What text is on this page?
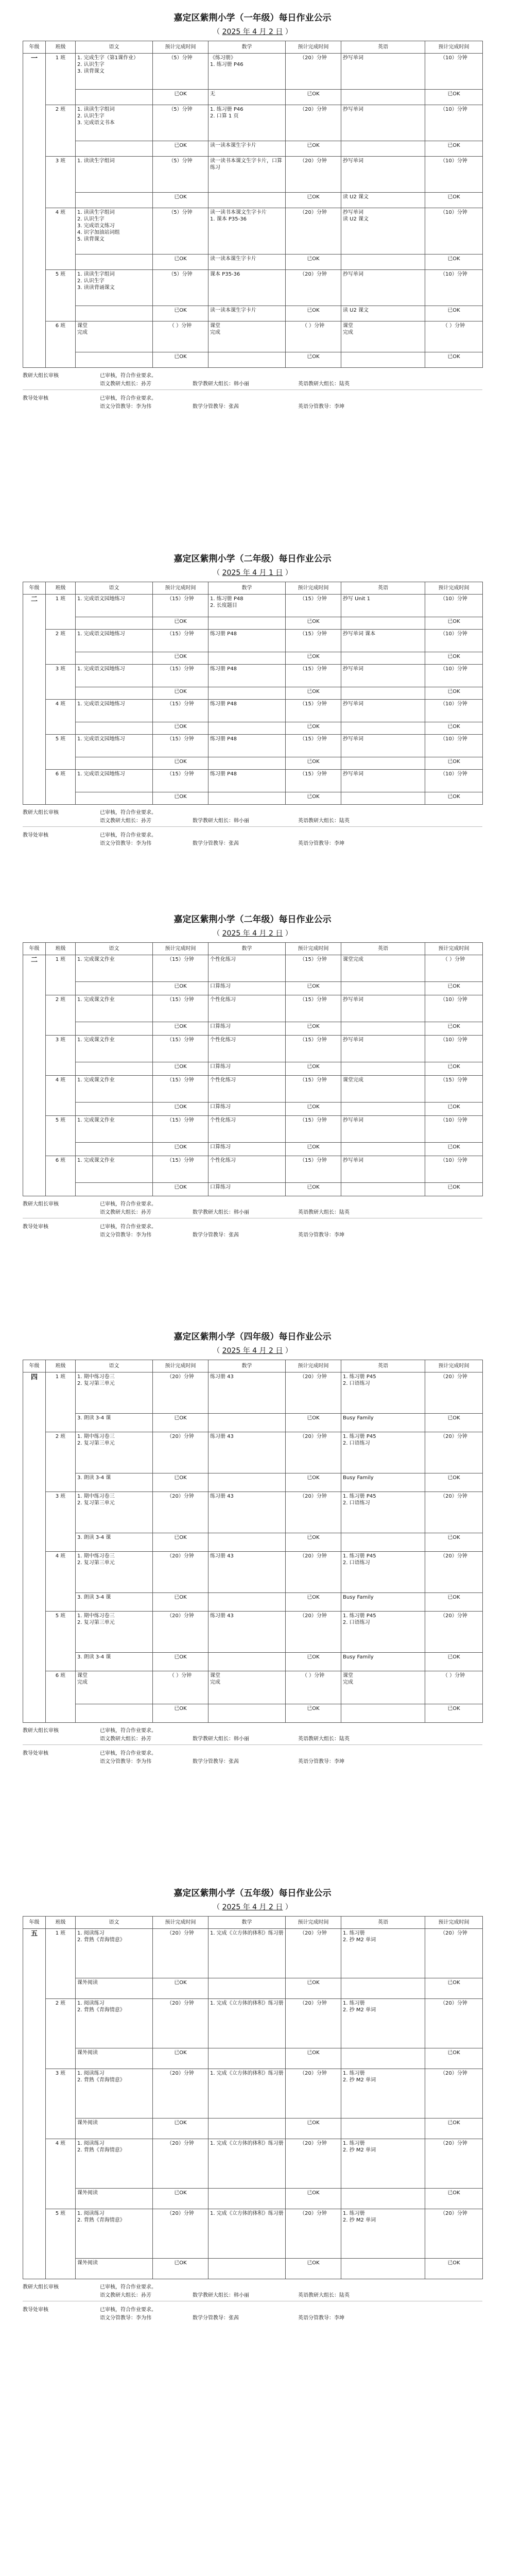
嘉定区紫荆小学（一年级）每日作业公示
（ 2025 年 4 月 2 日 ）
年级	班级	语文	预计完成时间	数学	预计完成时间	英语	预计完成时间
一	1 班	1. 完成生字（第1课作业）
2. 认识生字
3. 读背课文	（5）分钟	《练习册》
1. 练习册 P46	（20）分钟	抄写单词	（10）分钟
			已OK	无	已OK		已OK
	2 班	1. 读读生字组词
2. 认识生字
3. 完成语文书本	（5）分钟	1. 练习册 P46
2. 口算 1 页	（20）分钟	抄写单词	（10）分钟
			已OK	读一读本课生字卡片	已OK		已OK
	3 班	1. 读读生字组词	（5）分钟	读一读书本课文生字卡片，口算练习	（20）分钟	抄写单词	（10）分钟
			已OK		已OK	读 U2 课文	已OK
	4 班	1. 读读生字组词
2. 认识生字
3. 完成语文练习
4. 识字加油站词组
5. 读背课文	（5）分钟	读一读书本课文生字卡片
1. 课本 P35-36	（20）分钟	抄写单词
读 U2 课文	（10）分钟
			已OK	读一读本课生字卡片	已OK		已OK
	5 班	1. 读读生字组词
2. 认识生字
3. 读读背诵课文	（5）分钟	课本 P35-36	（20）分钟	抄写单词	（10）分钟
			已OK	读一读本课生字卡片	已OK	读 U2 课文	已OK
	6 班	课堂
完成	（ ）分钟	课堂
完成	（ ）分钟	课堂
完成	（ ）分钟
			已OK		已OK		已OK
教研大组长审核	已审核，符合作业要求。
语文教研大组长：孙芳	数学教研大组长：韩小丽	英语教研大组长：陆英
教导处审核	已审核，符合作业要求。
语文分管教导：李为伟	数学分管教导：张茜	英语分管教导：李坤
嘉定区紫荆小学（二年级）每日作业公示
（ 2025 年 4 月 1 日 ）
年级	班级	语文	预计完成时间	数学	预计完成时间	英语	预计完成时间
二	1 班	1. 完成语文园地练习	（15）分钟	1. 练习册 P48
2. 长度题目	（15）分钟	抄写 Unit 1	（10）分钟
			已OK		已OK		已OK
	2 班	1. 完成语文园地练习	（15）分钟	练习册 P48	（15）分钟	抄写单词 课本	（10）分钟
			已OK		已OK		已OK
	3 班	1. 完成语文园地练习	（15）分钟	练习册 P48	（15）分钟	抄写单词	（10）分钟
			已OK		已OK		已OK
	4 班	1. 完成语文园地练习	（15）分钟	练习册 P48	（15）分钟	抄写单词	（10）分钟
			已OK		已OK		已OK
	5 班	1. 完成语文园地练习	（15）分钟	练习册 P48	（15）分钟	抄写单词	（10）分钟
			已OK		已OK		已OK
	6 班	1. 完成语文园地练习	（15）分钟	练习册 P48	（15）分钟	抄写单词	（10）分钟
			已OK		已OK		已OK
教研大组长审核	已审核，符合作业要求。
语文教研大组长：孙芳	数学教研大组长：韩小丽	英语教研大组长：陆英
教导处审核	已审核，符合作业要求。
语文分管教导：李为伟	数学分管教导：张茜	英语分管教导：李坤
嘉定区紫荆小学（二年级）每日作业公示
（ 2025 年 4 月 2 日 ）
年级	班级	语文	预计完成时间	数学	预计完成时间	英语	预计完成时间
二	1 班	1. 完成课文作业	（15）分钟	个性化练习	（15）分钟	课堂完成	（ ）分钟
			已OK	口算练习	已OK		已OK
	2 班	1. 完成课文作业	（15）分钟	个性化练习	（15）分钟	抄写单词	（10）分钟
			已OK	口算练习	已OK		已OK
	3 班	1. 完成课文作业	（15）分钟	个性化练习	（15）分钟	抄写单词	（10）分钟
			已OK	口算练习	已OK		已OK
	4 班	1. 完成课文作业	（15）分钟	个性化练习	（15）分钟	课堂完成	（15）分钟
			已OK	口算练习	已OK		已OK
	5 班	1. 完成课文作业	（15）分钟	个性化练习	（15）分钟	抄写单词	（10）分钟
			已OK	口算练习	已OK		已OK
	6 班	1. 完成课文作业	（15）分钟	个性化练习	（15）分钟	抄写单词	（10）分钟
			已OK	口算练习	已OK		已OK
教研大组长审核	已审核，符合作业要求。
语文教研大组长：孙芳	数学教研大组长：韩小丽	英语教研大组长：陆英
教导处审核	已审核，符合作业要求。
语文分管教导：李为伟	数学分管教导：张茜	英语分管教导：李坤
嘉定区紫荆小学（四年级）每日作业公示
（ 2025 年 4 月 2 日 ）
年级	班级	语文	预计完成时间	数学	预计完成时间	英语	预计完成时间
四	1 班	1. 期中练习卷三
2. 复习第三单元	（20）分钟	练习册 43	（20）分钟	1. 练习册 P45
2. 口语练习	（20）分钟
		3. 朗读 3-4 课	已OK		已OK	Busy Family	已OK
	2 班	1. 期中练习卷三
2. 复习第三单元	（20）分钟	练习册 43	（20）分钟	1. 练习册 P45
2. 口语练习	（20）分钟
		3. 朗读 3-4 课	已OK		已OK	Busy Family	已OK
	3 班	1. 期中练习卷三
2. 复习第三单元	（20）分钟	练习册 43	（20）分钟	1. 练习册 P45
2. 口语练习	（20）分钟
		3. 朗读 3-4 课	已OK		已OK		已OK
	4 班	1. 期中练习卷三
2. 复习第三单元	（20）分钟	练习册 43	（20）分钟	1. 练习册 P45
2. 口语练习	（20）分钟
		3. 朗读 3-4 课	已OK		已OK	Busy Family	已OK
	5 班	1. 期中练习卷三
2. 复习第三单元	（20）分钟	练习册 43	（20）分钟	1. 练习册 P45
2. 口语练习	（20）分钟
		3. 朗读 3-4 课	已OK		已OK	Busy Family	已OK
	6 班	课堂
完成	（ ）分钟	课堂
完成	（ ）分钟	课堂
完成	（ ）分钟
			已OK		已OK		已OK
教研大组长审核	已审核，符合作业要求。
语文教研大组长：孙芳	数学教研大组长：韩小丽	英语教研大组长：陆英
教导处审核	已审核，符合作业要求。
语文分管教导：李为伟	数学分管教导：张茜	英语分管教导：李坤
嘉定区紫荆小学（五年级）每日作业公示
（ 2025 年 4 月 2 日 ）
年级	班级	语文	预计完成时间	数学	预计完成时间	英语	预计完成时间
五	1 班	1. 阅读练习
2. 背熟《青海情意》	（20）分钟	1. 完成《立方体的体积》练习册	（20）分钟	1. 练习册
2. 抄 M2 单词	（20）分钟
		课外阅读	已OK		已OK		已OK
	2 班	1. 阅读练习
2. 背熟《青海情意》	（20）分钟	1. 完成《立方体的体积》练习册	（20）分钟	1. 练习册
2. 抄 M2 单词	（20）分钟
		课外阅读	已OK		已OK		已OK
	3 班	1. 阅读练习
2. 背熟《青海情意》	（20）分钟	1. 完成《立方体的体积》练习册	（20）分钟	1. 练习册
2. 抄 M2 单词	（20）分钟
		课外阅读	已OK		已OK		已OK
	4 班	1. 阅读练习
2. 背熟《青海情意》	（20）分钟	1. 完成《立方体的体积》练习册	（20）分钟	1. 练习册
2. 抄 M2 单词	（20）分钟
		课外阅读	已OK		已OK		已OK
	5 班	1. 阅读练习
2. 背熟《青海情意》	（20）分钟	1. 完成《立方体的体积》练习册	（20）分钟	1. 练习册
2. 抄 M2 单词	（20）分钟
		课外阅读	已OK		已OK		已OK
教研大组长审核	已审核，符合作业要求。
语文教研大组长：孙芳	数学教研大组长：韩小丽	英语教研大组长：陆英
教导处审核	已审核，符合作业要求。
语文分管教导：李为伟	数学分管教导：张茜	英语分管教导：李坤
